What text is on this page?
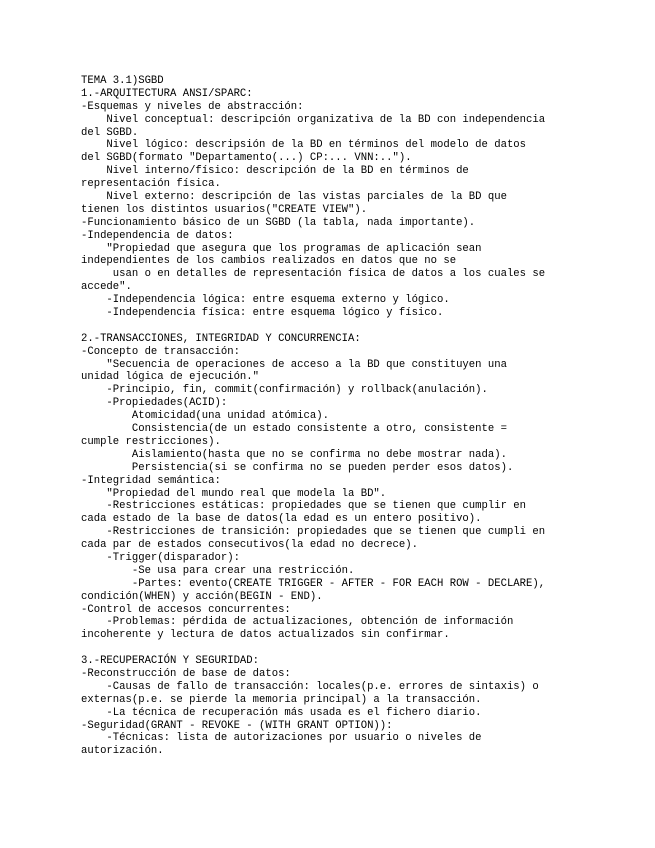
TEMA 3.1)SGBD
1.-ARQUITECTURA ANSI/SPARC:
-Esquemas y niveles de abstracción:
Nivel conceptual: descripción organizativa de la BD con independencia
del SGBD.
Nivel lógico: descripsión de la BD en términos del modelo de datos
del SGBD(formato "Departamento(...) CP:... VNN:..").
Nivel interno/físico: descripción de la BD en términos de
representación física.
Nivel externo: descripción de las vistas parciales de la BD que
tienen los distintos usuarios("CREATE VIEW").
-Funcionamiento básico de un SGBD (la tabla, nada importante).
-Independencia de datos:
"Propiedad que asegura que los programas de aplicación sean
independientes de los cambios realizados en datos que no se
usan o en detalles de representación física de datos a los cuales se
accede".
-Independencia lógica: entre esquema externo y lógico.
-Independencia física: entre esquema lógico y físico.
2.-TRANSACCIONES, INTEGRIDAD Y CONCURRENCIA:
-Concepto de transacción:
"Secuencia de operaciones de acceso a la BD que constituyen una
unidad lógica de ejecución."
-Principio, fin, commit(confirmación) y rollback(anulación).
-Propiedades(ACID):
Atomicidad(una unidad atómica).
Consistencia(de un estado consistente a otro, consistente =
cumple restricciones).
Aislamiento(hasta que no se confirma no debe mostrar nada).
Persistencia(si se confirma no se pueden perder esos datos).
-Integridad semántica:
"Propiedad del mundo real que modela la BD".
-Restricciones estáticas: propiedades que se tienen que cumplir en
cada estado de la base de datos(la edad es un entero positivo).
-Restricciones de transición: propiedades que se tienen que cumpli en
cada par de estados consecutivos(la edad no decrece).
-Trigger(disparador):
-Se usa para crear una restricción.
-Partes: evento(CREATE TRIGGER - AFTER - FOR EACH ROW - DECLARE),
condición(WHEN) y acción(BEGIN - END).
-Control de accesos concurrentes:
-Problemas: pérdida de actualizaciones, obtención de información
incoherente y lectura de datos actualizados sin confirmar.
3.-RECUPERACIÓN Y SEGURIDAD:
-Reconstrucción de base de datos:
-Causas de fallo de transacción: locales(p.e. errores de sintaxis) o
externas(p.e. se pierde la memoria principal) a la transacción.
-La técnica de recuperación más usada es el fichero diario.
-Seguridad(GRANT - REVOKE - (WITH GRANT OPTION)):
-Técnicas: lista de autorizaciones por usuario o niveles de
autorización.
